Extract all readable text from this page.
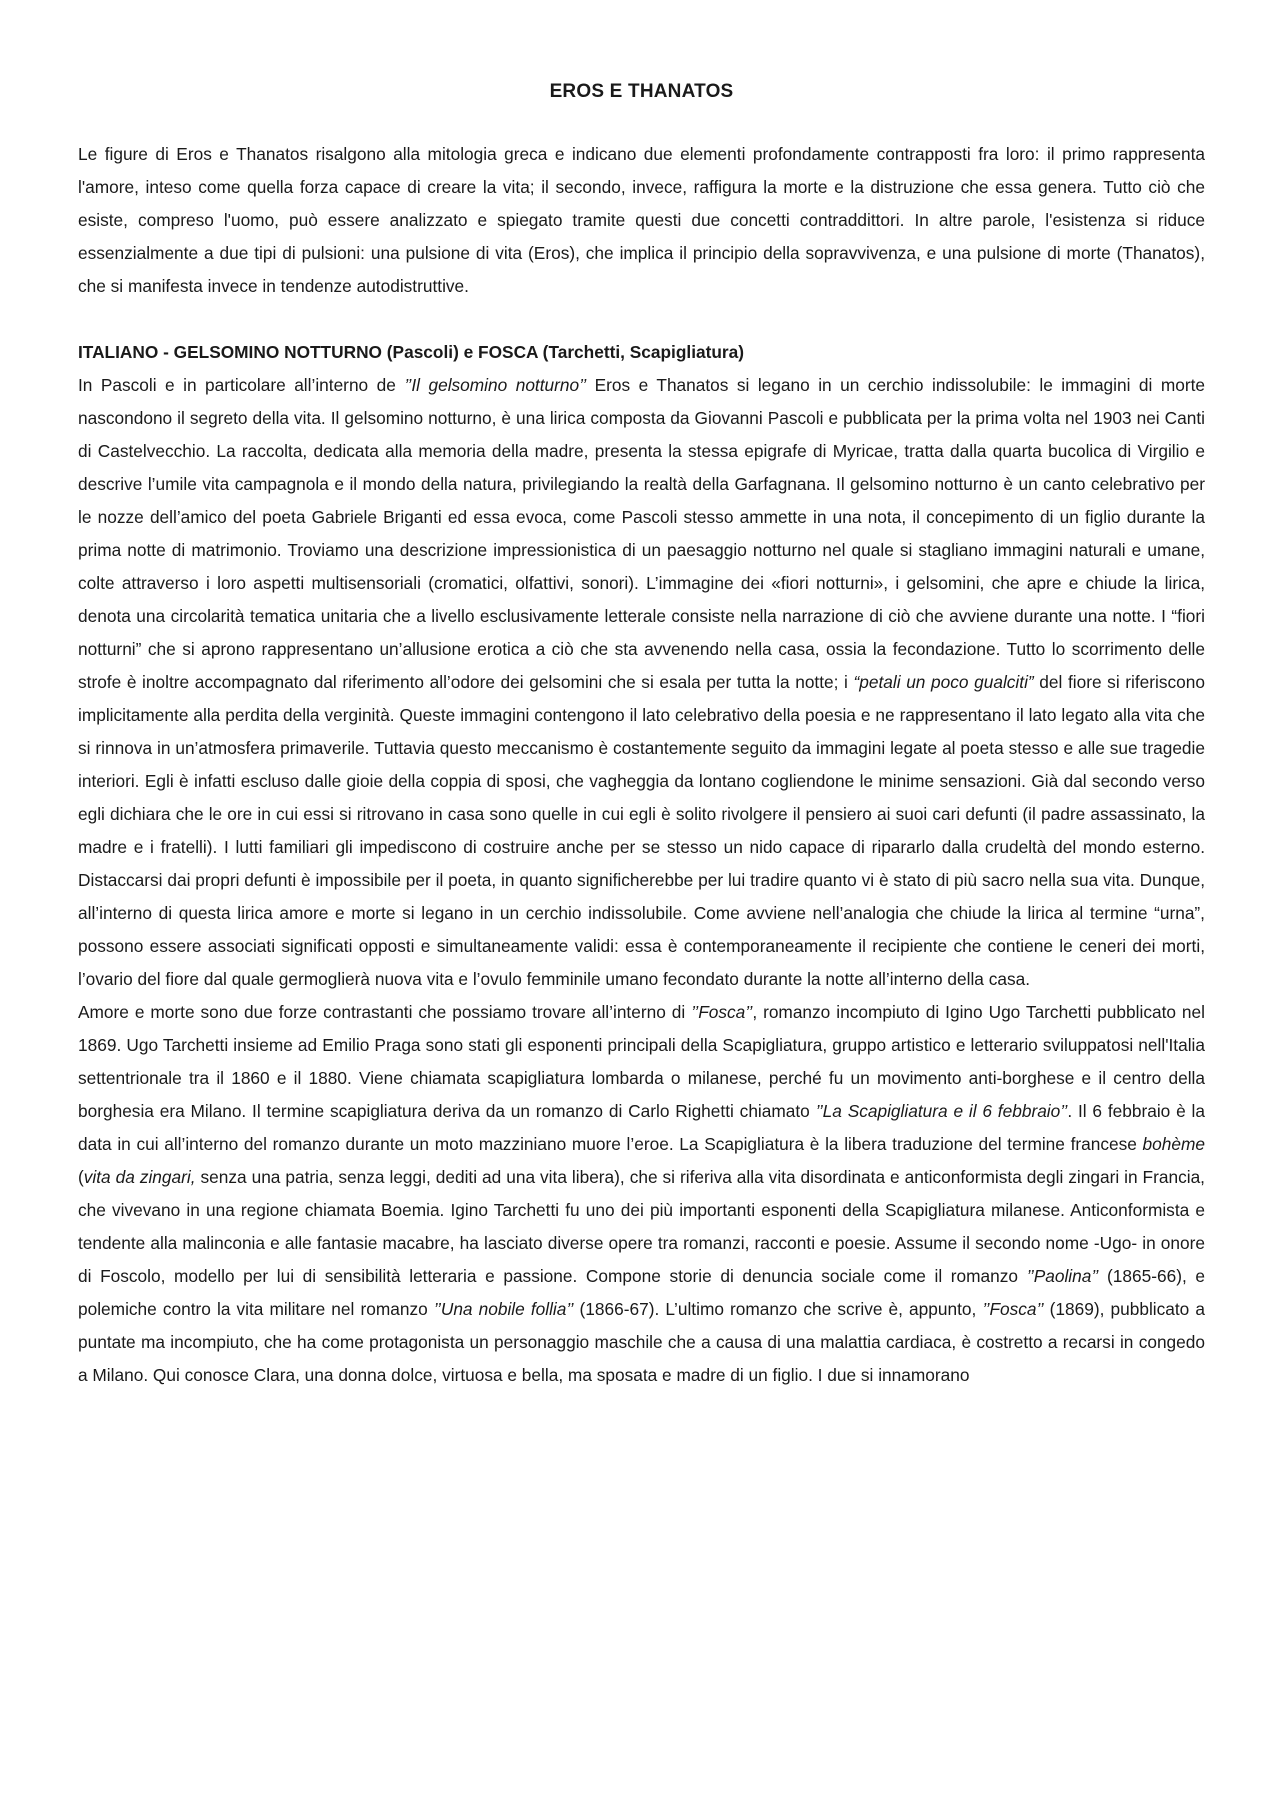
EROS E THANATOS

Le figure di Eros e Thanatos risalgono alla mitologia greca e indicano due elementi profondamente contrapposti fra loro: il primo rappresenta l'amore, inteso come quella forza capace di creare la vita; il secondo, invece, raffigura la morte e la distruzione che essa genera. Tutto ciò che esiste, compreso l'uomo, può essere analizzato e spiegato tramite questi due concetti contraddittori. In altre parole, l'esistenza si riduce essenzialmente a due tipi di pulsioni: una pulsione di vita (Eros), che implica il principio della sopravvivenza, e una pulsione di morte (Thanatos), che si manifesta invece in tendenze autodistruttive.

ITALIANO - GELSOMINO NOTTURNO (Pascoli) e FOSCA (Tarchetti, Scapigliatura)

In Pascoli e in particolare all’interno de ’’Il gelsomino notturno’’ Eros e Thanatos si legano in un cerchio indissolubile: le immagini di morte nascondono il segreto della vita. Il gelsomino notturno, è una lirica composta da Giovanni Pascoli e pubblicata per la prima volta nel 1903 nei Canti di Castelvecchio. La raccolta, dedicata alla memoria della madre, presenta la stessa epigrafe di Myricae, tratta dalla quarta bucolica di Virgilio e descrive l’umile vita campagnola e il mondo della natura, privilegiando la realtà della Garfagnana. Il gelsomino notturno è un canto celebrativo per le nozze dell’amico del poeta Gabriele Briganti ed essa evoca, come Pascoli stesso ammette in una nota, il concepimento di un figlio durante la prima notte di matrimonio. Troviamo una descrizione impressionistica di un paesaggio notturno nel quale si stagliano immagini naturali e umane, colte attraverso i loro aspetti multisensoriali (cromatici, olfattivi, sonori). L’immagine dei «fiori notturni», i gelsomini, che apre e chiude la lirica, denota una circolarità tematica unitaria che a livello esclusivamente letterale consiste nella narrazione di ciò che avviene durante una notte. I “fiori notturni” che si aprono rappresentano un’allusione erotica a ciò che sta avvenendo nella casa, ossia la fecondazione. Tutto lo scorrimento delle strofe è inoltre accompagnato dal riferimento all’odore dei gelsomini che si esala per tutta la notte; i “petali un poco gualciti” del fiore si riferiscono implicitamente alla perdita della verginità. Queste immagini contengono il lato celebrativo della poesia e ne rappresentano il lato legato alla vita che si rinnova in un’atmosfera primaverile. Tuttavia questo meccanismo è costantemente seguito da immagini legate al poeta stesso e alle sue tragedie interiori. Egli è infatti escluso dalle gioie della coppia di sposi, che vagheggia da lontano cogliendone le minime sensazioni. Già dal secondo verso egli dichiara che le ore in cui essi si ritrovano in casa sono quelle in cui egli è solito rivolgere il pensiero ai suoi cari defunti (il padre assassinato, la madre e i fratelli). I lutti familiari gli impediscono di costruire anche per se stesso un nido capace di ripararlo dalla crudeltà del mondo esterno. Distaccarsi dai propri defunti è impossibile per il poeta, in quanto significherebbe per lui tradire quanto vi è stato di più sacro nella sua vita. Dunque, all’interno di questa lirica amore e morte si legano in un cerchio indissolubile. Come avviene nell’analogia che chiude la lirica al termine “urna”, possono essere associati significati opposti e simultaneamente validi: essa è contemporaneamente il recipiente che contiene le ceneri dei morti, l’ovario del fiore dal quale germoglierà nuova vita e l’ovulo femminile umano fecondato durante la notte all’interno della casa.

Amore e morte sono due forze contrastanti che possiamo trovare all’interno di ’’Fosca’’, romanzo incompiuto di Igino Ugo Tarchetti pubblicato nel 1869. Ugo Tarchetti insieme ad Emilio Praga sono stati gli esponenti principali della Scapigliatura, gruppo artistico e letterario sviluppatosi nell'Italia settentrionale tra il 1860 e il 1880. Viene chiamata scapigliatura lombarda o milanese, perché fu un movimento anti-borghese e il centro della borghesia era Milano. Il termine scapigliatura deriva da un romanzo di Carlo Righetti chiamato ’’La Scapigliatura e il 6 febbraio’’. Il 6 febbraio è la data in cui all’interno del romanzo durante un moto mazziniano muore l’eroe. La Scapigliatura è la libera traduzione del termine francese bohème (vita da zingari, senza una patria, senza leggi, dediti ad una vita libera), che si riferiva alla vita disordinata e anticonformista degli zingari in Francia, che vivevano in una regione chiamata Boemia. Igino Tarchetti fu uno dei più importanti esponenti della Scapigliatura milanese. Anticonformista e tendente alla malinconia e alle fantasie macabre, ha lasciato diverse opere tra romanzi, racconti e poesie. Assume il secondo nome -Ugo- in onore di Foscolo, modello per lui di sensibilità letteraria e passione. Compone storie di denuncia sociale come il romanzo ’’Paolina’’ (1865-66), e polemiche contro la vita militare nel romanzo ’’Una nobile follia’’ (1866-67). L’ultimo romanzo che scrive è, appunto, ’’Fosca’’ (1869), pubblicato a puntate ma incompiuto, che ha come protagonista un personaggio maschile che a causa di una malattia cardiaca, è costretto a recarsi in congedo a Milano. Qui conosce Clara, una donna dolce, virtuosa e bella, ma sposata e madre di un figlio. I due si innamorano
